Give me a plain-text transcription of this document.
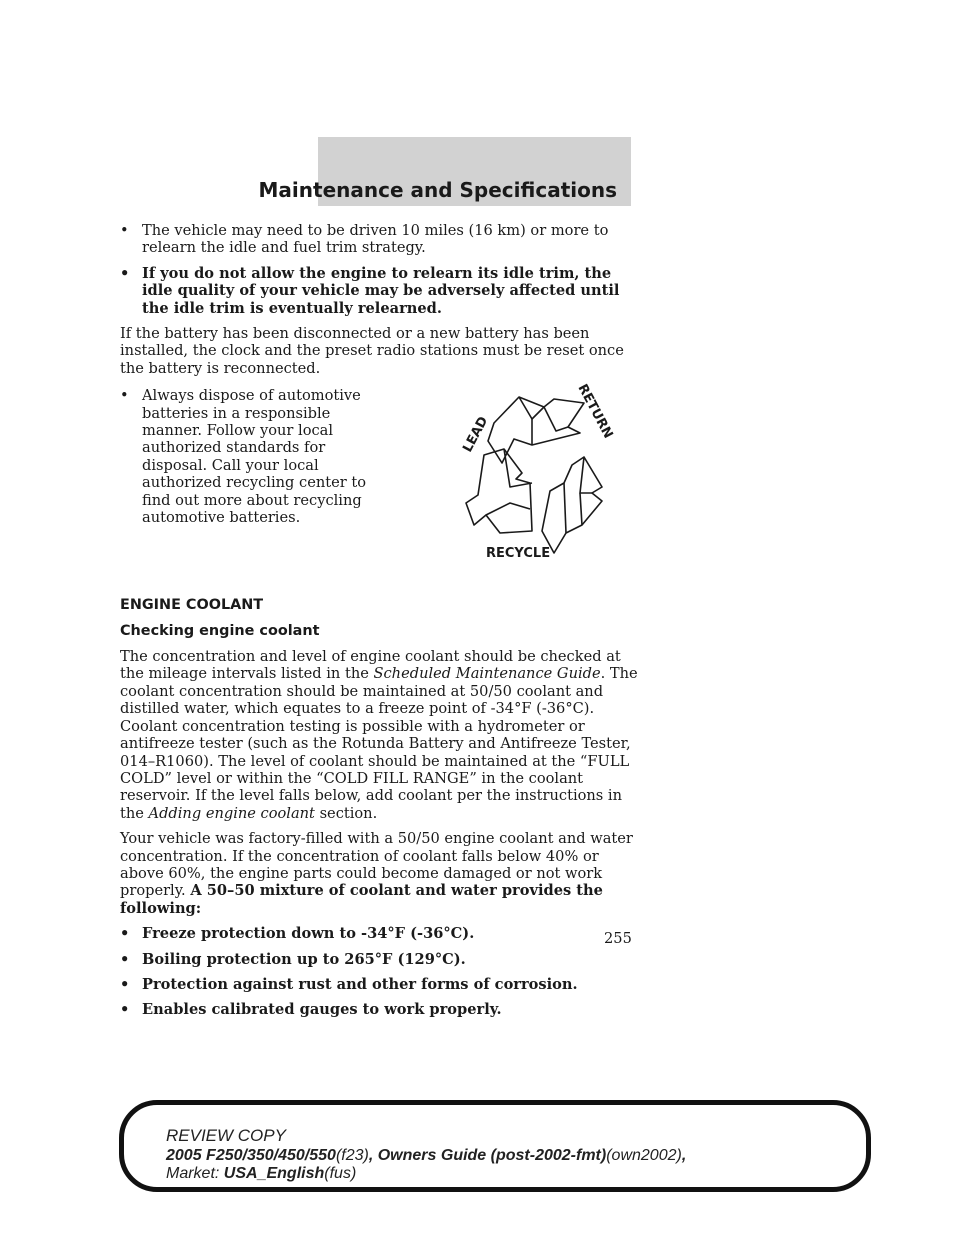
Maintenance and Specifications
• The vehicle may need to be driven 10 miles (16 km) or more to relearn the idle and fuel trim strategy.
• If you do not allow the engine to relearn its idle trim, the idle quality of your vehicle may be adversely affected until the idle trim is eventually relearned.

If the battery has been disconnected or a new battery has been installed, the clock and the preset radio stations must be reset once the battery is reconnected.

• Always dispose of automotive batteries in a responsible manner. Follow your local authorized standards for disposal. Call your local authorized recycling center to find out more about recycling automotive batteries.
LEAD	RETURN
RECYCLE

ENGINE COOLANT

Checking engine coolant

The concentration and level of engine coolant should be checked at the mileage intervals listed in the Scheduled Maintenance Guide. The coolant concentration should be maintained at 50/50 coolant and distilled water, which equates to a freeze point of -34°F (-36°C). Coolant concentration testing is possible with a hydrometer or antifreeze tester (such as the Rotunda Battery and Antifreeze Tester, 014–R1060). The level of coolant should be maintained at the “FULL COLD” level or within the “COLD FILL RANGE” in the coolant reservoir. If the level falls below, add coolant per the instructions in the Adding engine coolant section.

Your vehicle was factory-filled with a 50/50 engine coolant and water concentration. If the concentration of coolant falls below 40% or above 60%, the engine parts could become damaged or not work properly. A 50–50 mixture of coolant and water provides the following:

• Freeze protection down to -34°F (-36°C).
• Boiling protection up to 265°F (129°C).
• Protection against rust and other forms of corrosion.
• Enables calibrated gauges to work properly.
255
REVIEW COPY
2005 F250/350/450/550(f23), Owners Guide (post-2002-fmt)(own2002),
Market: USA_English(fus)
